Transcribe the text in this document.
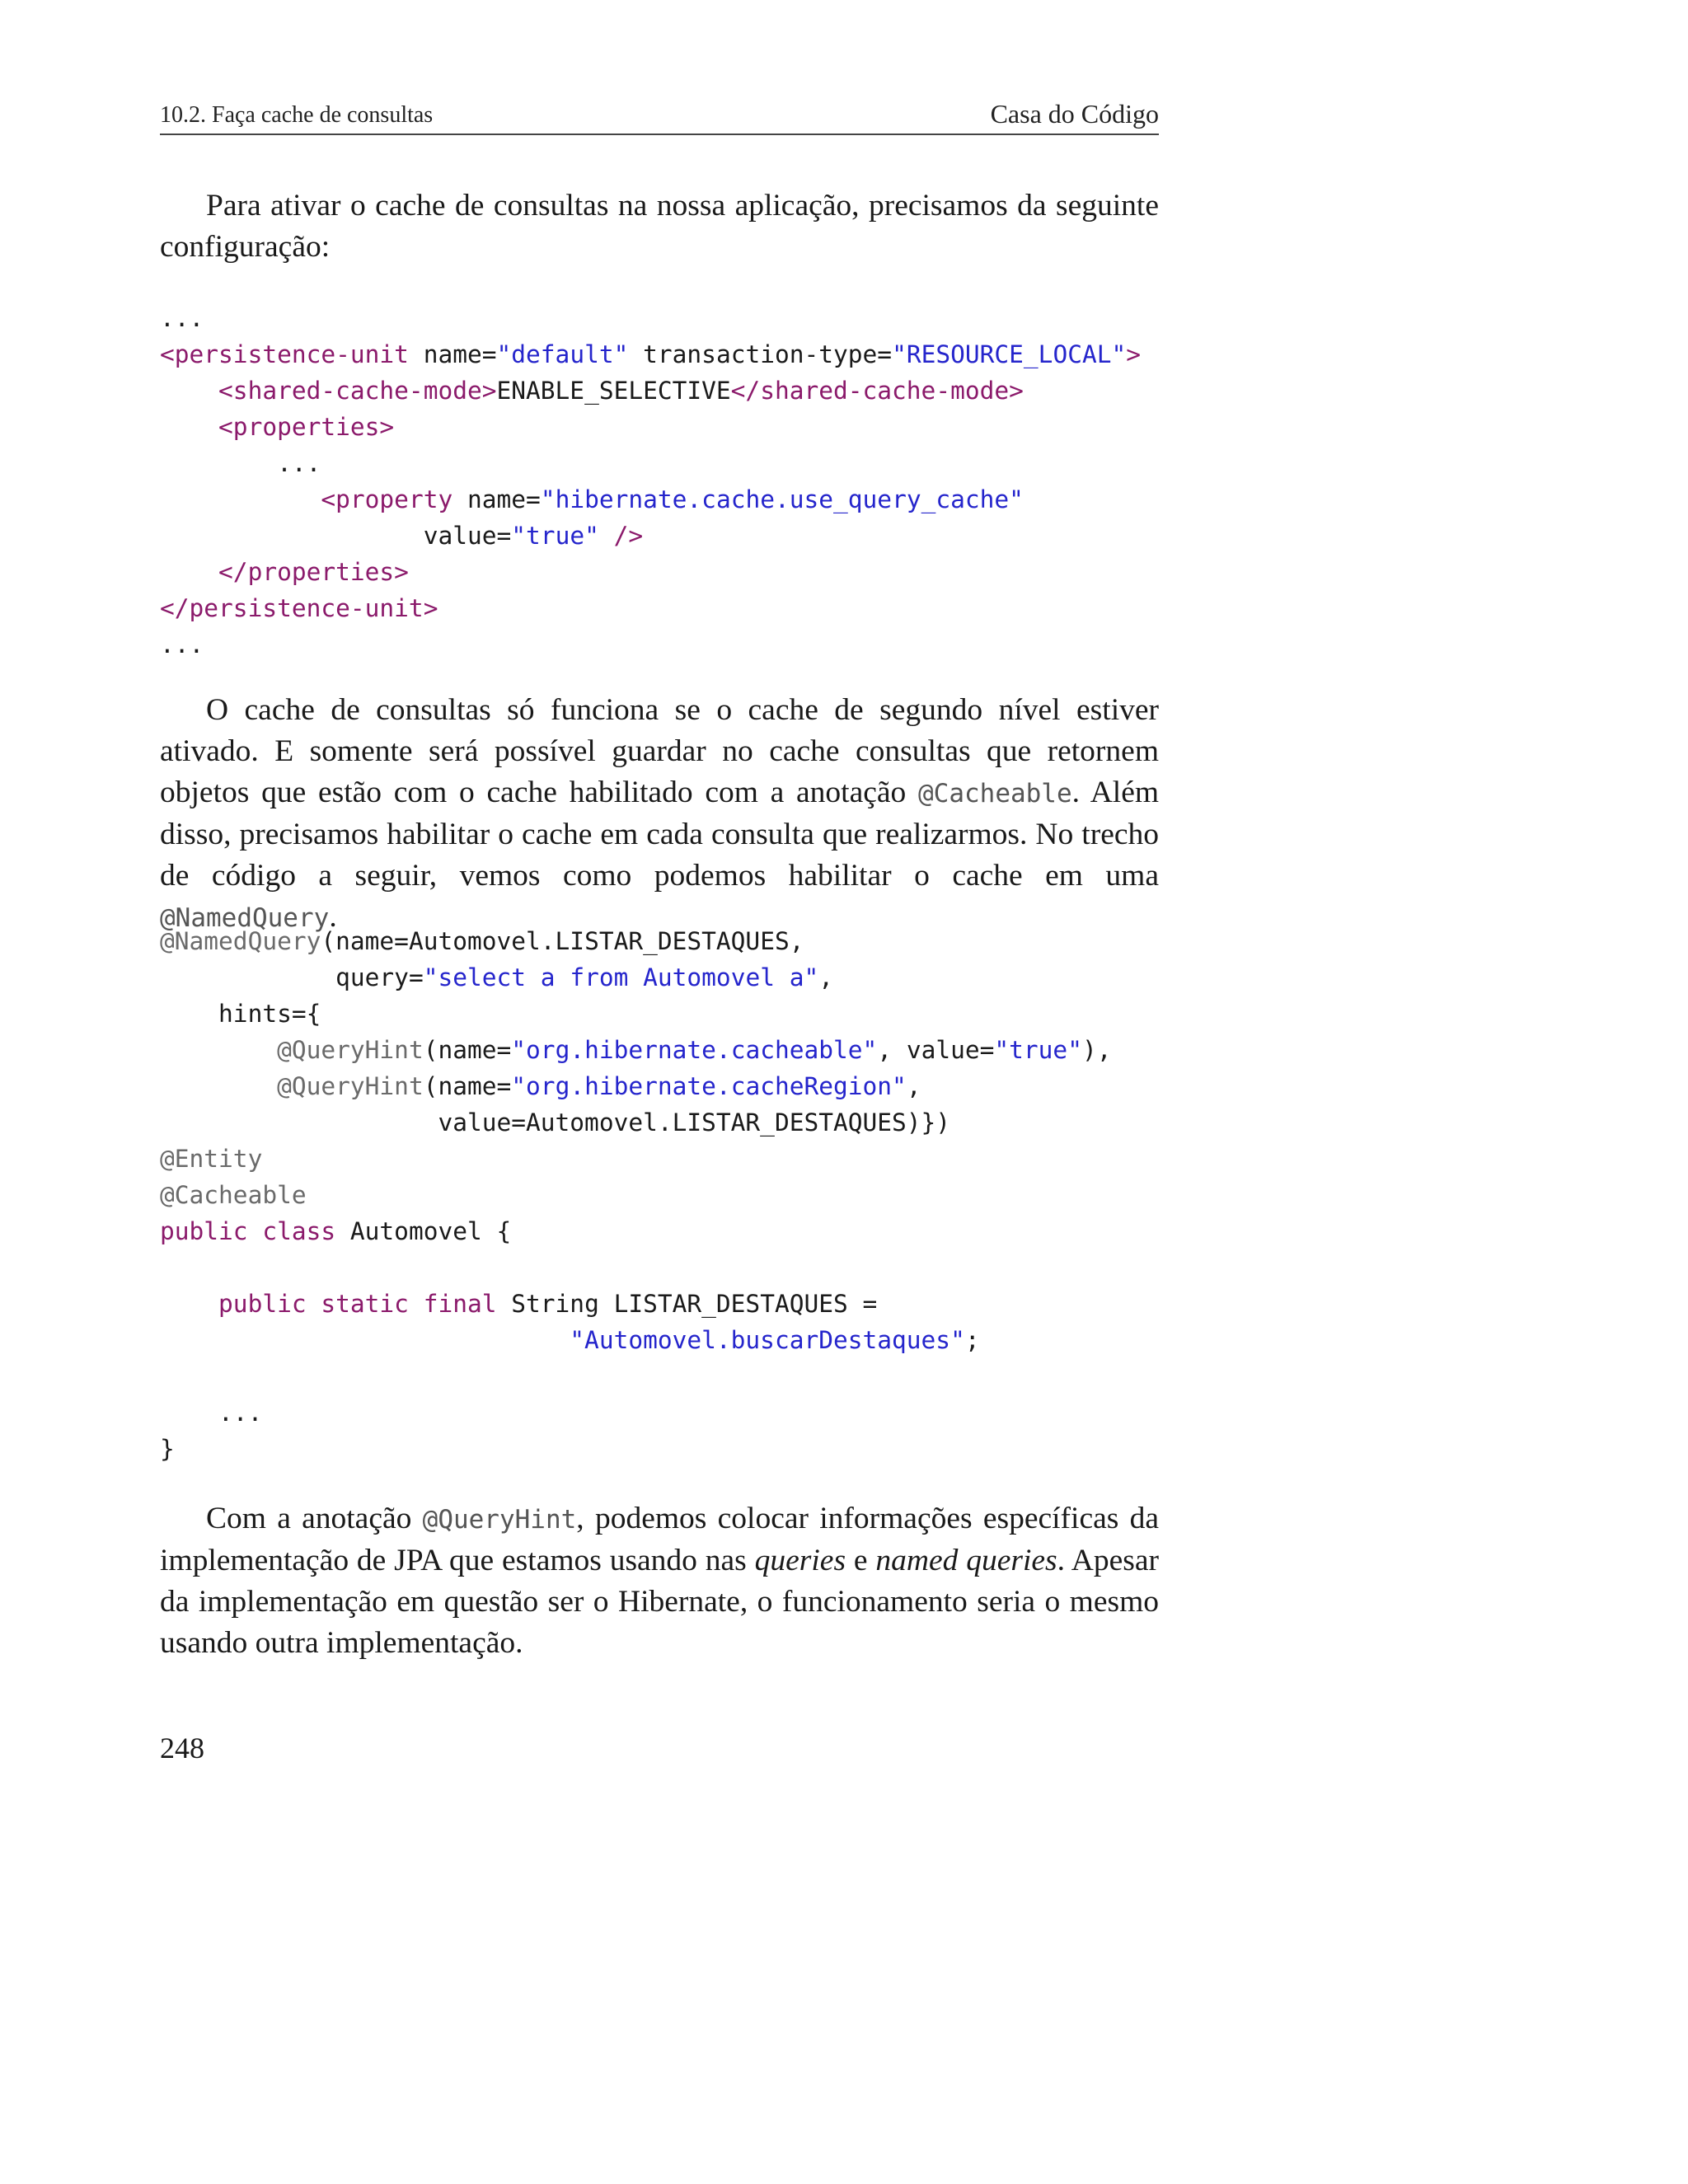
10.2. Faça cache de consultas	Casa do Código

Para ativar o cache de consultas na nossa aplicação, precisamos da seguinte configuração:

...
<persistence-unit name="default" transaction-type="RESOURCE_LOCAL">
<shared-cache-mode>ENABLE_SELECTIVE</shared-cache-mode>
<properties>
...
<property name="hibernate.cache.use_query_cache"
value="true" />
</properties>
</persistence-unit>
...

O cache de consultas só funciona se o cache de segundo nível estiver ativado. E somente será possível guardar no cache consultas que retornem objetos que estão com o cache habilitado com a anotação @Cacheable. Além disso, precisamos habilitar o cache em cada consulta que realizarmos. No trecho de código a seguir, vemos como podemos habilitar o cache em uma @NamedQuery.

@NamedQuery(name=Automovel.LISTAR_DESTAQUES,
query="select a from Automovel a",
hints={
@QueryHint(name="org.hibernate.cacheable", value="true"),
@QueryHint(name="org.hibernate.cacheRegion",
value=Automovel.LISTAR_DESTAQUES)})
@Entity
@Cacheable
public class Automovel {
public static final String LISTAR_DESTAQUES =
"Automovel.buscarDestaques";
...
}

Com a anotação @QueryHint, podemos colocar informações específicas da implementação de JPA que estamos usando nas queries e named queries. Apesar da implementação em questão ser o Hibernate, o funcionamento seria o mesmo usando outra implementação.

248
